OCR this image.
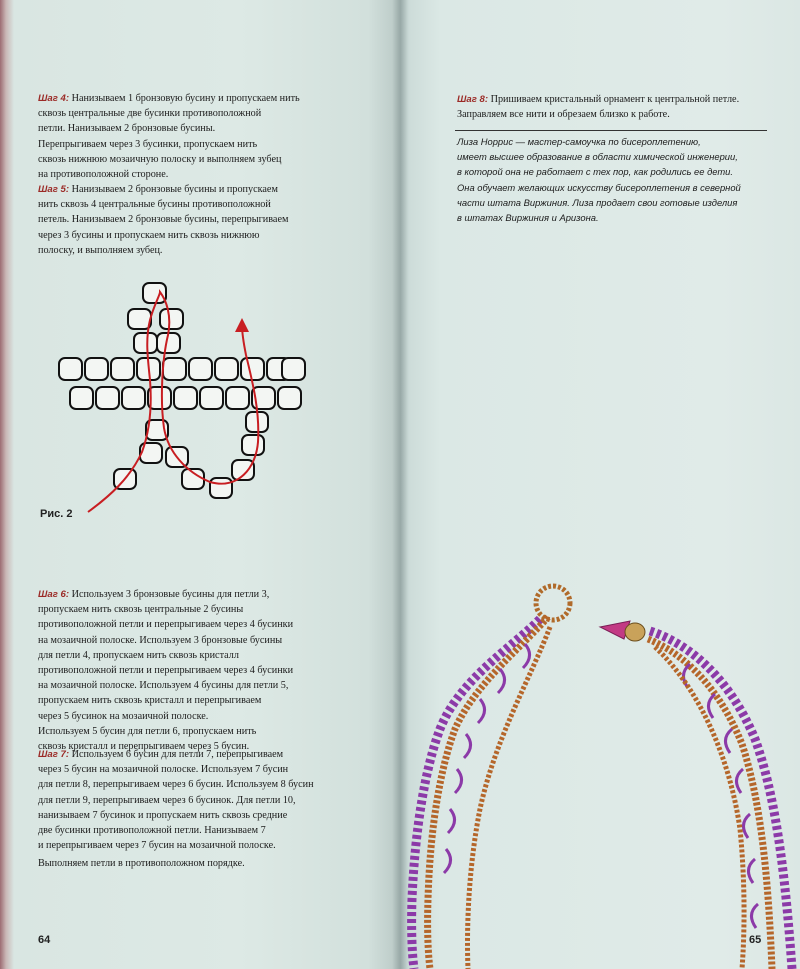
Шаг 4: Нанизываем 1 бронзовую бусину и пропускаем нить
сквозь центральные две бусинки противоположной
петли. Нанизываем 2 бронзовые бусины.
Перепрыгиваем через 3 бусинки, пропускаем нить
сквозь нижнюю мозаичную полоску и выполняем зубец
на противоположной стороне.

Шаг 5: Нанизываем 2 бронзовые бусины и пропускаем
нить сквозь 4 центральные бусины противоположной
петель. Нанизываем 2 бронзовые бусины, перепрыгиваем
через 3 бусины и пропускаем нить сквозь нижнюю
полоску, и выполняем зубец.

Рис. 2

Шаг 6: Используем 3 бронзовые бусины для петли 3,
пропускаем нить сквозь центральные 2 бусины
противоположной петли и перепрыгиваем через 4 бусинки
на мозаичной полоске. Используем 3 бронзовые бусины
для петли 4, пропускаем нить сквозь кристалл
противоположной петли и перепрыгиваем через 4 бусинки
на мозаичной полоске. Используем 4 бусины для петли 5,
пропускаем нить сквозь кристалл и перепрыгиваем
через 5 бусинок на мозаичной полоске.
Используем 5 бусин для петли 6, пропускаем нить
сквозь кристалл и перепрыгиваем через 5 бусин.

Шаг 7: Используем 6 бусин для петли 7, перепрыгиваем
через 5 бусин на мозаичной полоске. Используем 7 бусин
для петли 8, перепрыгиваем через 6 бусин. Используем 8 бусин
для петли 9, перепрыгиваем через 6 бусинок. Для петли 10,
нанизываем 7 бусинок и пропускаем нить сквозь средние
две бусинки противоположной петли. Нанизываем 7
и перепрыгиваем через 7 бусин на мозаичной полоске.

Выполняем петли в противоположном порядке.

64

Шаг 8: Пришиваем кристальный орнамент к центральной петле.
Заправляем все нити и обрезаем близко к работе.

Лиза Норрис — мастер-самоучка по бисероплетению,
имеет высшее образование в области химической инженерии,
в которой она не работает с тех пор, как родились ее дети.
Она обучает желающих искусству бисероплетения в северной
части штата Виржиния. Лиза продает свои готовые изделия
в штатах Виржиния и Аризона.

65
